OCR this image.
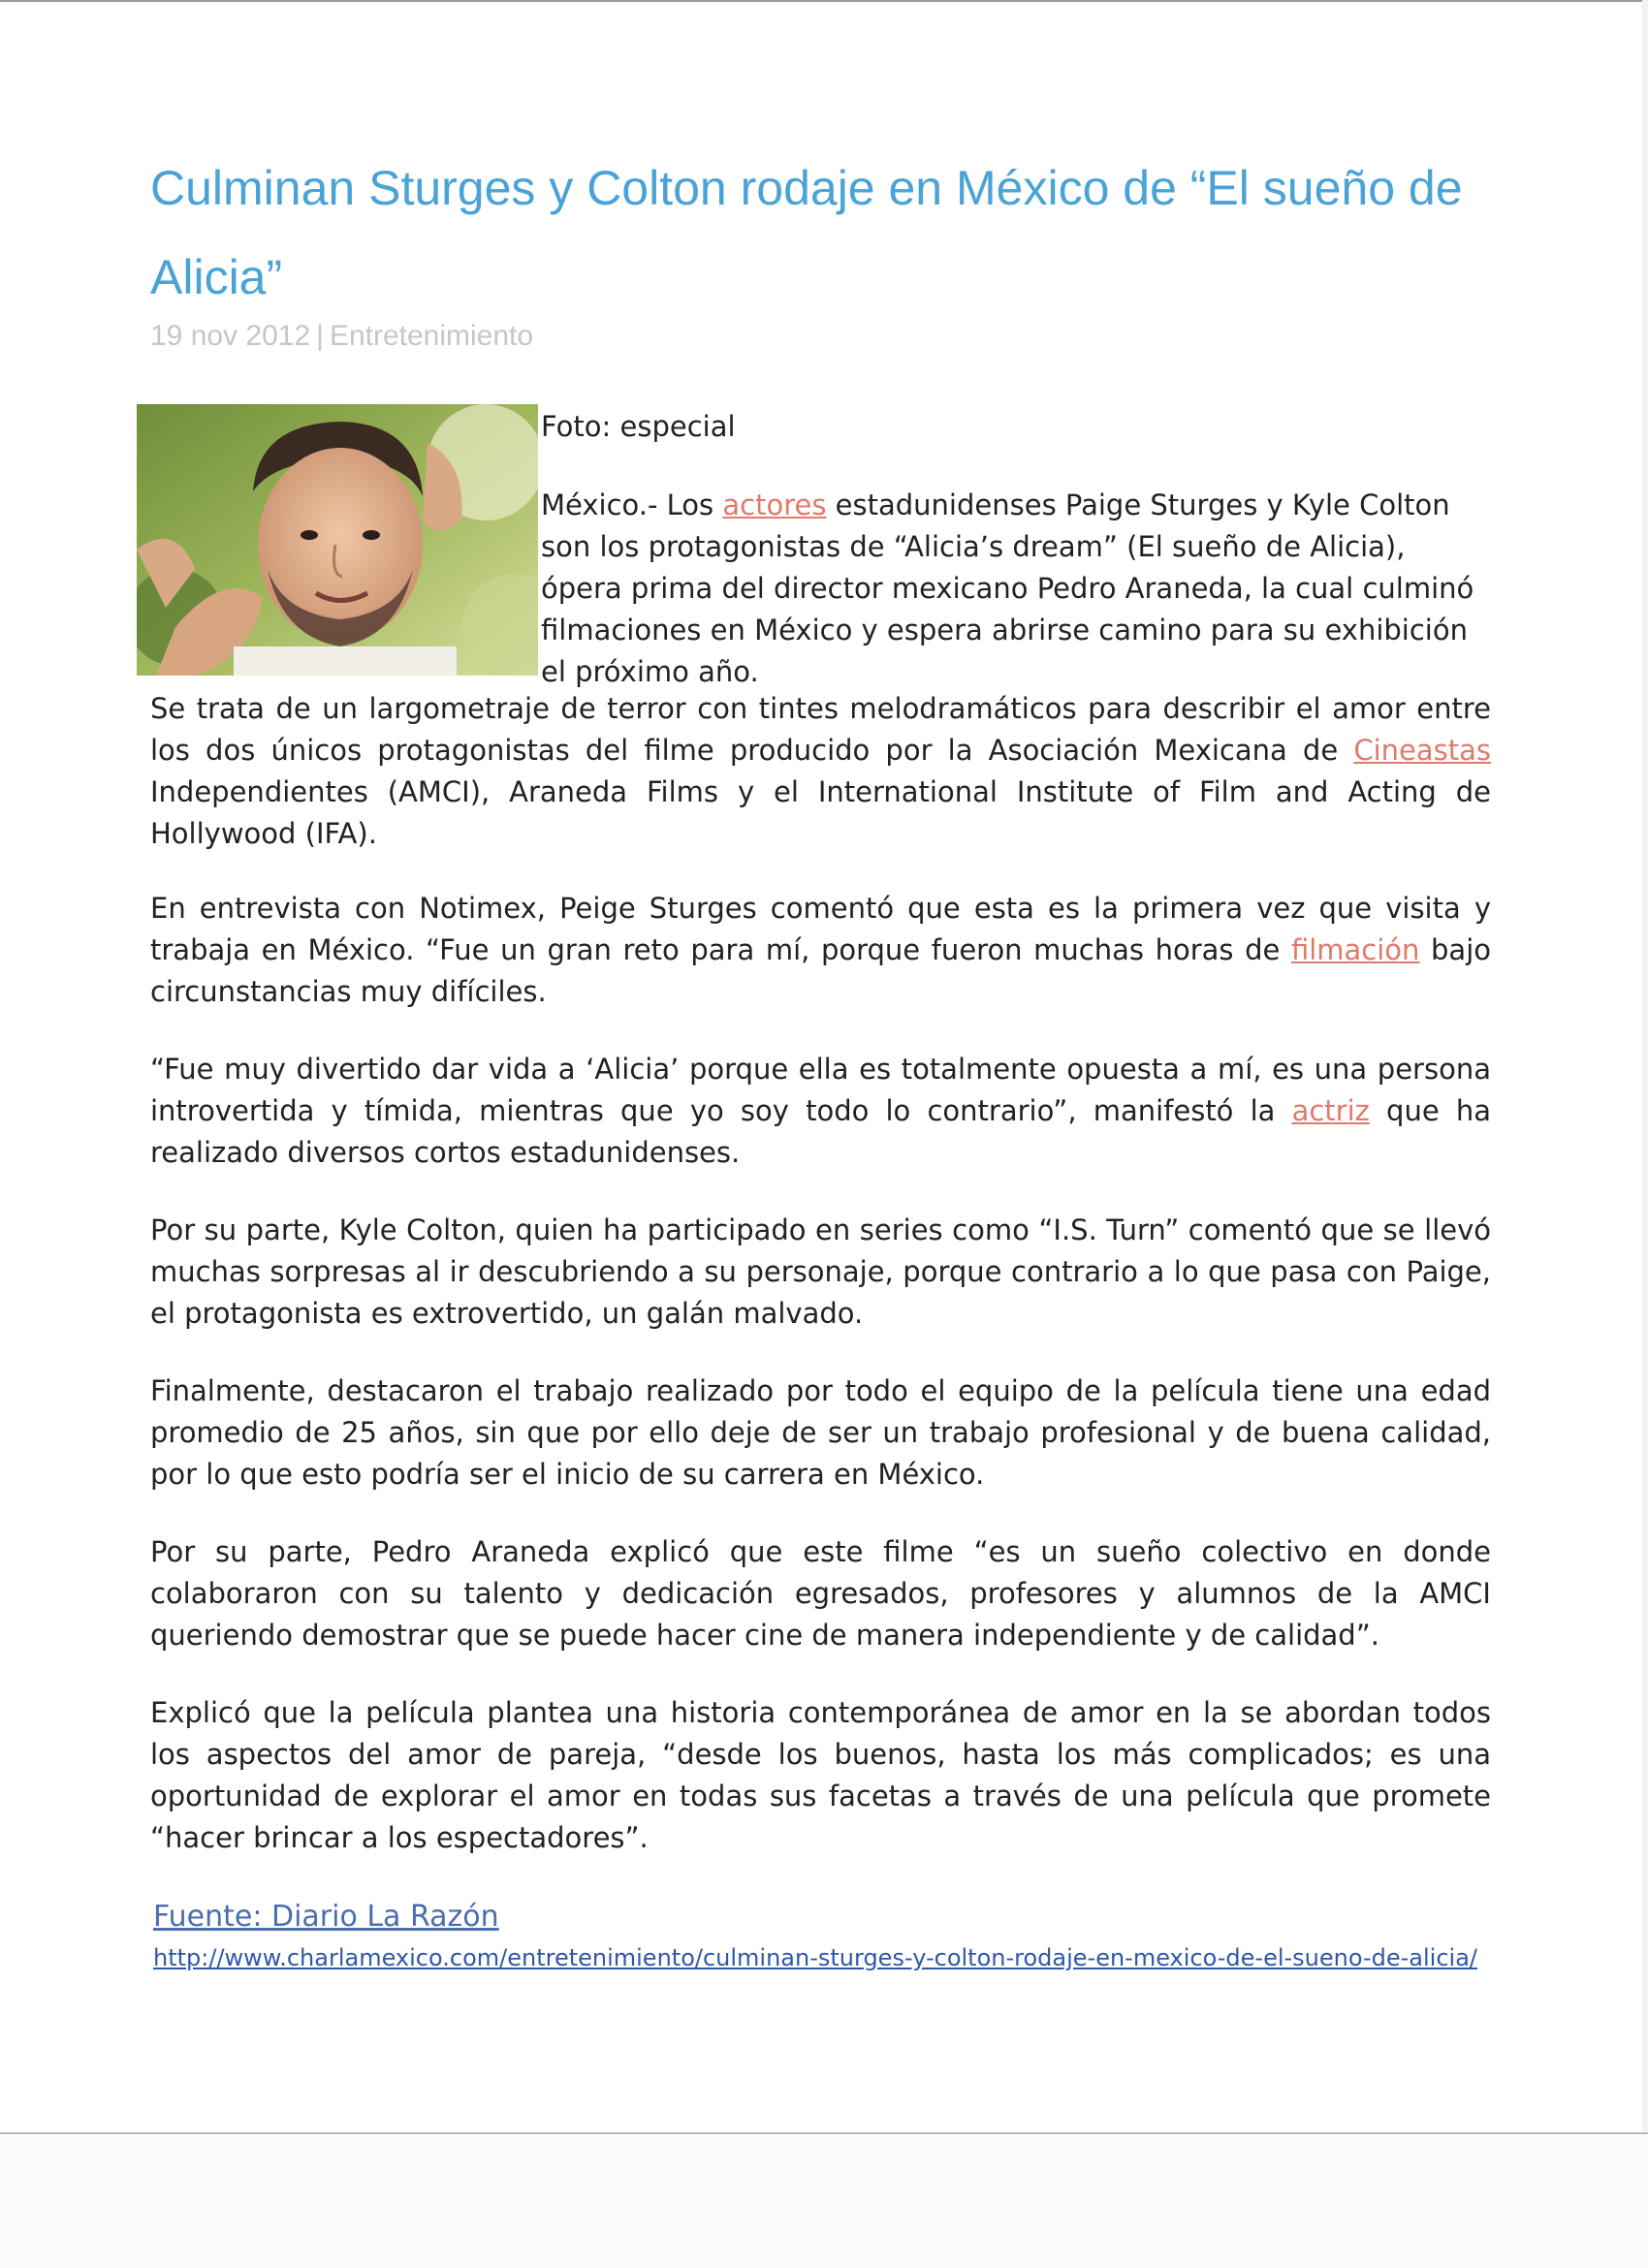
Culminan Sturges y Colton rodaje en México de “El sueño de Alicia”
19 nov 2012 | Entretenimiento
Foto: especial

México.- Los actores estadunidenses Paige Sturges y Kyle Colton son los protagonistas de “Alicia’s dream” (El sueño de Alicia), ópera prima del director mexicano Pedro Araneda, la cual culminó filmaciones en México y espera abrirse camino para su exhibición el próximo año.

Se trata de un largometraje de terror con tintes melodramáticos para describir el amor entre los dos únicos protagonistas del filme producido por la Asociación Mexicana de Cineastas Independientes (AMCI), Araneda Films y el International Institute of Film and Acting de Hollywood (IFA).

En entrevista con Notimex, Peige Sturges comentó que esta es la primera vez que visita y trabaja en México. “Fue un gran reto para mí, porque fueron muchas horas de filmación bajo circunstancias muy difíciles.

“Fue muy divertido dar vida a ‘Alicia’ porque ella es totalmente opuesta a mí, es una persona introvertida y tímida, mientras que yo soy todo lo contrario”, manifestó la actriz que ha realizado diversos cortos estadunidenses.

Por su parte, Kyle Colton, quien ha participado en series como “I.S. Turn” comentó que se llevó muchas sorpresas al ir descubriendo a su personaje, porque contrario a lo que pasa con Paige, el protagonista es extrovertido, un galán malvado.

Finalmente, destacaron el trabajo realizado por todo el equipo de la película tiene una edad promedio de 25 años, sin que por ello deje de ser un trabajo profesional y de buena calidad, por lo que esto podría ser el inicio de su carrera en México.

Por su parte, Pedro Araneda explicó que este filme “es un sueño colectivo en donde colaboraron con su talento y dedicación egresados, profesores y alumnos de la AMCI queriendo demostrar que se puede hacer cine de manera independiente y de calidad”.

Explicó que la película plantea una historia contemporánea de amor en la se abordan todos los aspectos del amor de pareja, “desde los buenos, hasta los más complicados; es una oportunidad de explorar el amor en todas sus facetas a través de una película que promete “hacer brincar a los espectadores”.

Fuente: Diario La Razón
http://www.charlamexico.com/entretenimiento/culminan-sturges-y-colton-rodaje-en-mexico-de-el-sueno-de-alicia/
